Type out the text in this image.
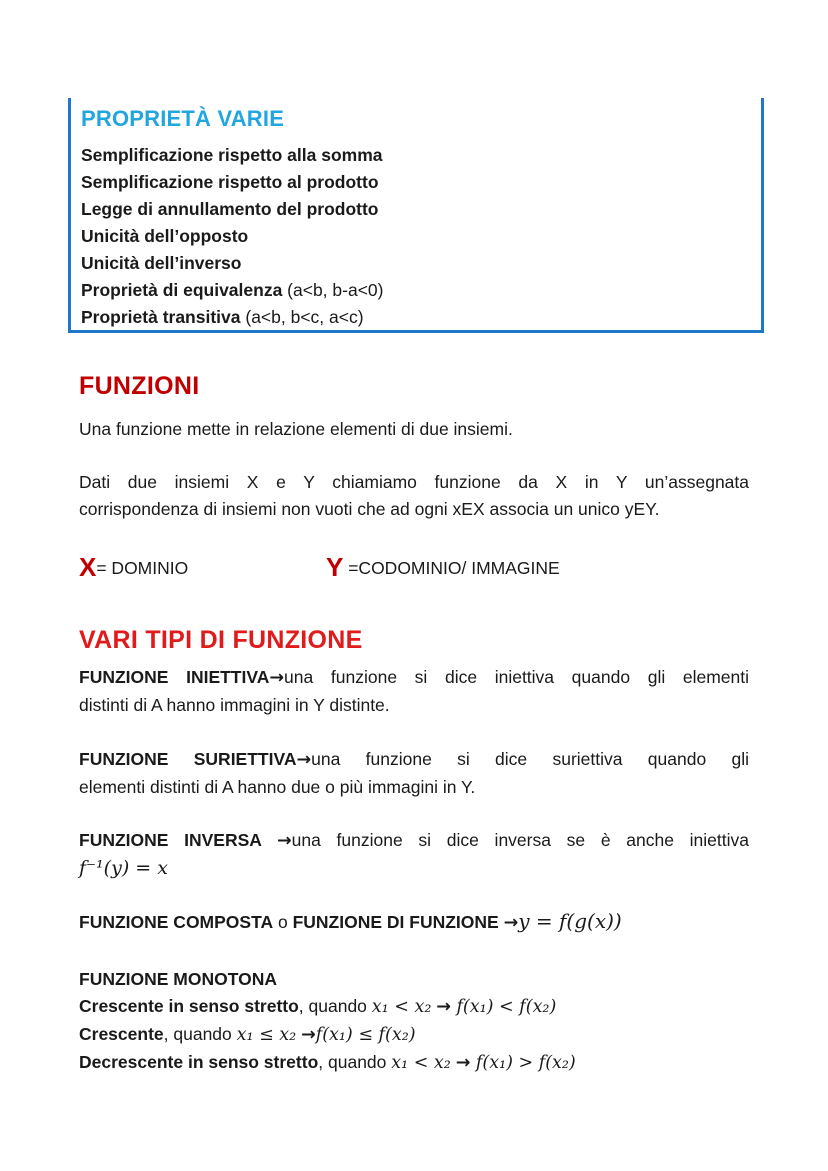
PROPRIETÀ VARIE
Semplificazione rispetto alla somma
Semplificazione rispetto al prodotto
Legge di annullamento del prodotto
Unicità dell’opposto
Unicità dell’inverso
Proprietà di equivalenza (a<b, b-a<0)
Proprietà transitiva (a<b, b<c, a<c)
FUNZIONI

Una funzione mette in relazione elementi di due insiemi.

Dati due insiemi X e Y chiamiamo funzione da X in Y un’assegnata
corrispondenza di insiemi non vuoti che ad ogni xEX associa un unico yEY.

X= DOMINIO	Y =CODOMINIO/ IMMAGINE
VARI TIPI DI FUNZIONE

FUNZIONE INIETTIVA→una funzione si dice iniettiva quando gli elementi
distinti di A hanno immagini in Y distinte.

FUNZIONE SURIETTIVA→una funzione si dice suriettiva quando gli
elementi distinti di A hanno due o più immagini in Y.

FUNZIONE INVERSA →una funzione si dice inversa se è anche iniettiva
f⁻¹(y) = x

FUNZIONE COMPOSTA o FUNZIONE DI FUNZIONE →y = f(g(x))

FUNZIONE MONOTONA
Crescente in senso stretto, quando x₁ < x₂ → f(x₁) < f(x₂)
Crescente, quando x₁ ≤ x₂ →f(x₁) ≤ f(x₂)
Decrescente in senso stretto, quando x₁ < x₂ → f(x₁) > f(x₂)
